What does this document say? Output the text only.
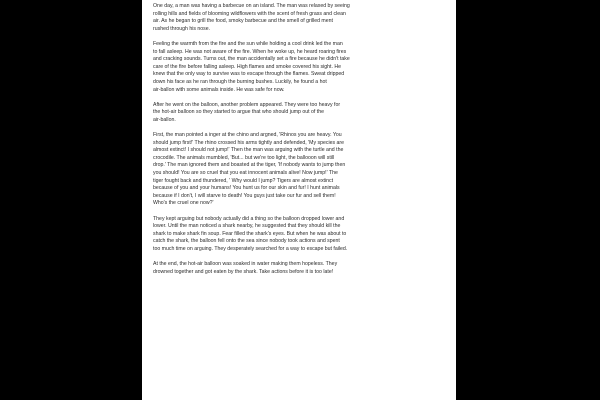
One day, a man was having a barbecue on an island. The man was relaxed by seeing
rolling hills and fields of blooming wildflowers with the scent of fresh grass and clean
air. As he began to grill the food, smoky barbecue and the smell of grilled ment
rushed through his nose.
Feeling the warmth from the fire and the sun while holding a cool drink led the man
to fall asleep. He was not aware of the fire. When he woke up, he heard roaring fires
and cracking sounds. Turns out, the man accidentally set a fire because he didn't take
care of the fire before falling asleep. High flames and smoke covered his sight. He
knew that the only way to survive was to escape through the flames. Sweat dripped
down his face as he ran through the burning bushes. Luckily, he found a hot
air-ballon with some animals inside. He was safe for now.
After he went on the balloon, another problem appeared. They were too heavy for
the hot-air balloon so they started to argue that who should jump out of the
air-ballon.
First, the man pointed a inger at the chino and argned, 'Rhinos you are heavy. You
should jump first!' The rhino crossed his arms tightly and defended, 'My species are
almost extinct! I should not jump!' Then the man was arguing with the turtle and the
crocodile. The animals mumbled, 'But... but we're too light, the ballooon will still
drop.' The man ignored them and boasted at the tiger, 'If nobody wants to jump then
you should! You are so cruel that you eat innocent animals alive! Now jump!' The
tiger fought back and thundered, ' Why would I jump? Tigers are almost extinct
because of you and your humans! You hunt us for our skin and fur! I hunt animals
because if I don't, I will starve to death! You guys just take our fur and sell them!
Who's the cruel one now?'
They kept arguing but nobody actually did a thing so the balloon dropped lower and
lower. Until the man noticed a shark nearby, he suggested that they should kill the
shark to make shark fin soup. Fear filled the shark's eyes. But when he was about to
catch the shark, the balloon fell onto the sea since nobody took actions and spent
too much time on arguing. They desperately searched for a way to escape but failed.
At the end, the hot-air balloon was soaked in water making them hopeless. They
drowned together and got eaten by the shark. Take actions before it is too late!
